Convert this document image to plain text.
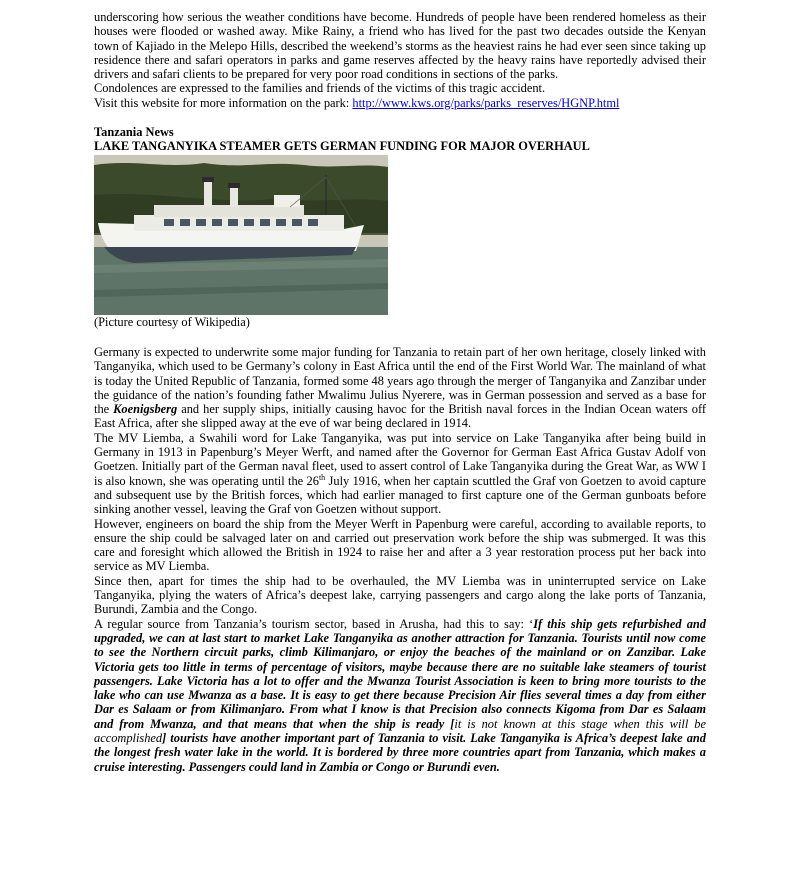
underscoring how serious the weather conditions have become. Hundreds of people have been rendered homeless as their houses were flooded or washed away. Mike Rainy, a friend who has lived for the past two decades outside the Kenyan town of Kajiado in the Melepo Hills, described the weekend’s storms as the heaviest rains he had ever seen since taking up residence there and safari operators in parks and game reserves affected by the heavy rains have reportedly advised their drivers and safari clients to be prepared for very poor road conditions in sections of the parks.

Condolences are expressed to the families and friends of the victims of this tragic accident.

Visit this website for more information on the park: http://www.kws.org/parks/parks_reserves/HGNP.html

Tanzania News
LAKE TANGANYIKA STEAMER GETS GERMAN FUNDING FOR MAJOR OVERHAUL

(Picture courtesy of Wikipedia)

Germany is expected to underwrite some major funding for Tanzania to retain part of her own heritage, closely linked with Tanganyika, which used to be Germany’s colony in East Africa until the end of the First World War. The mainland of what is today the United Republic of Tanzania, formed some 48 years ago through the merger of Tanganyika and Zanzibar under the guidance of the nation’s founding father Mwalimu Julius Nyerere, was in German possession and served as a base for the Koenigsberg and her supply ships, initially causing havoc for the British naval forces in the Indian Ocean waters off East Africa, after she slipped away at the eve of war being declared in 1914.

The MV Liemba, a Swahili word for Lake Tanganyika, was put into service on Lake Tanganyika after being build in Germany in 1913 in Papenburg’s Meyer Werft, and named after the Governor for German East Africa Gustav Adolf von Goetzen. Initially part of the German naval fleet, used to assert control of Lake Tanganyika during the Great War, as WW I is also known, she was operating until the 26th July 1916, when her captain scuttled the Graf von Goetzen to avoid capture and subsequent use by the British forces, which had earlier managed to first capture one of the German gunboats before sinking another vessel, leaving the Graf von Goetzen without support.

However, engineers on board the ship from the Meyer Werft in Papenburg were careful, according to available reports, to ensure the ship could be salvaged later on and carried out preservation work before the ship was submerged. It was this care and foresight which allowed the British in 1924 to raise her and after a 3 year restoration process put her back into service as MV Liemba.

Since then, apart for times the ship had to be overhauled, the MV Liemba was in uninterrupted service on Lake Tanganyika, plying the waters of Africa’s deepest lake, carrying passengers and cargo along the lake ports of Tanzania, Burundi, Zambia and the Congo.

A regular source from Tanzania’s tourism sector, based in Arusha, had this to say: ‘If this ship gets refurbished and upgraded, we can at last start to market Lake Tanganyika as another attraction for Tanzania. Tourists until now come to see the Northern circuit parks, climb Kilimanjaro, or enjoy the beaches of the mainland or on Zanzibar. Lake Victoria gets too little in terms of percentage of visitors, maybe because there are no suitable lake steamers of tourist passengers. Lake Victoria has a lot to offer and the Mwanza Tourist Association is keen to bring more tourists to the lake who can use Mwanza as a base. It is easy to get there because Precision Air flies several times a day from either Dar es Salaam or from Kilimanjaro. From what I know is that Precision also connects Kigoma from Dar es Salaam and from Mwanza, and that means that when the ship is ready [it is not known at this stage when this will be accomplished] tourists have another important part of Tanzania to visit. Lake Tanganyika is Africa’s deepest lake and the longest fresh water lake in the world. It is bordered by three more countries apart from Tanzania, which makes a cruise interesting. Passengers could land in Zambia or Congo or Burundi even.
